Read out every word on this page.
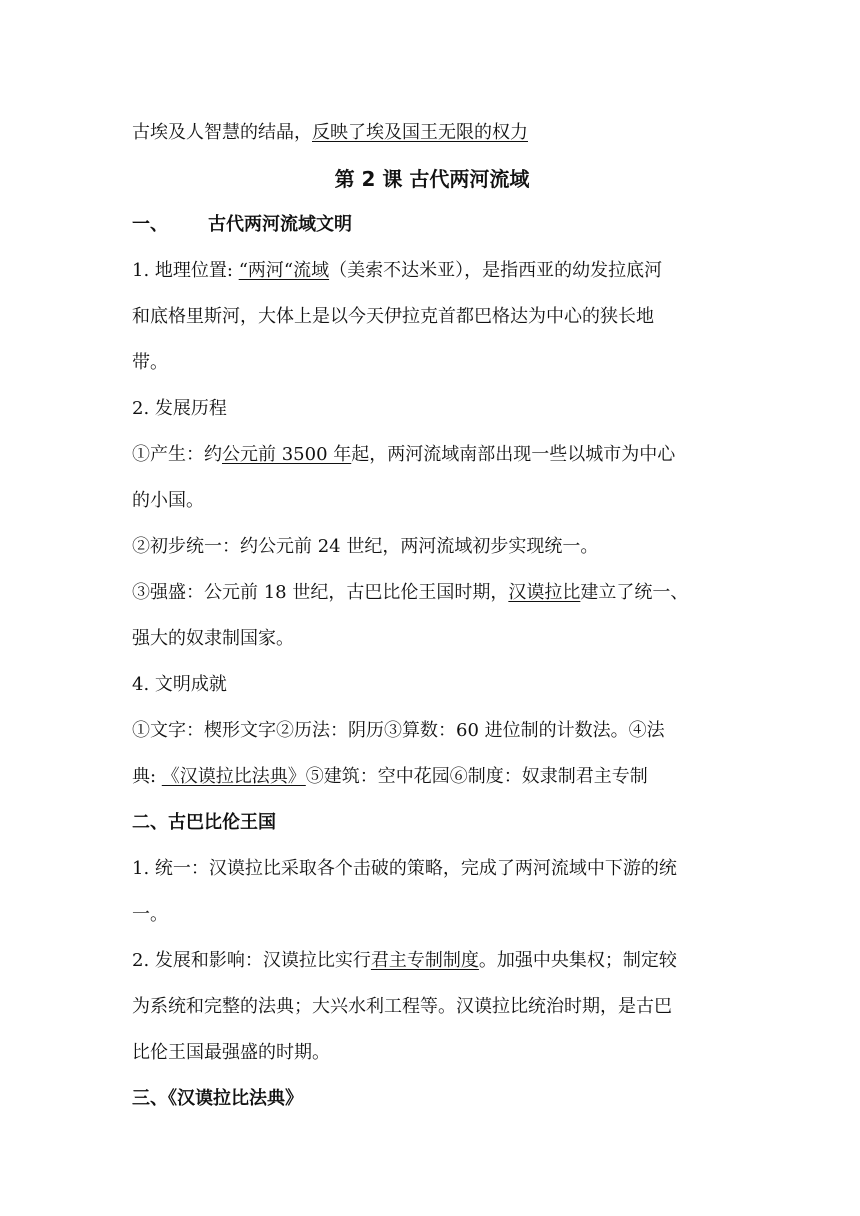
古埃及人智慧的结晶，反映了埃及国王无限的权力
第 2 课 古代两河流域
一、 古代两河流域文明
1. 地理位置: “两河“流域（美索不达米亚），是指西亚的幼发拉底河
和底格里斯河，大体上是以今天伊拉克首都巴格达为中心的狭长地
带。
2. 发展历程
①产生：约公元前 3500 年起，两河流域南部出现一些以城市为中心
的小国。
②初步统一：约公元前 24 世纪，两河流域初步实现统一。
③强盛：公元前 18 世纪，古巴比伦王国时期，汉谟拉比建立了统一、
强大的奴隶制国家。
4. 文明成就
①文字：楔形文字②历法：阴历③算数：60 进位制的计数法。④法
典: 《汉谟拉比法典》⑤建筑：空中花园⑥制度：奴隶制君主专制
二、古巴比伦王国
1. 统一：汉谟拉比采取各个击破的策略，完成了两河流域中下游的统
一。
2. 发展和影响：汉谟拉比实行君主专制制度。加强中央集权；制定较
为系统和完整的法典；大兴水利工程等。汉谟拉比统治时期，是古巴
比伦王国最强盛的时期。
三、《汉谟拉比法典》
